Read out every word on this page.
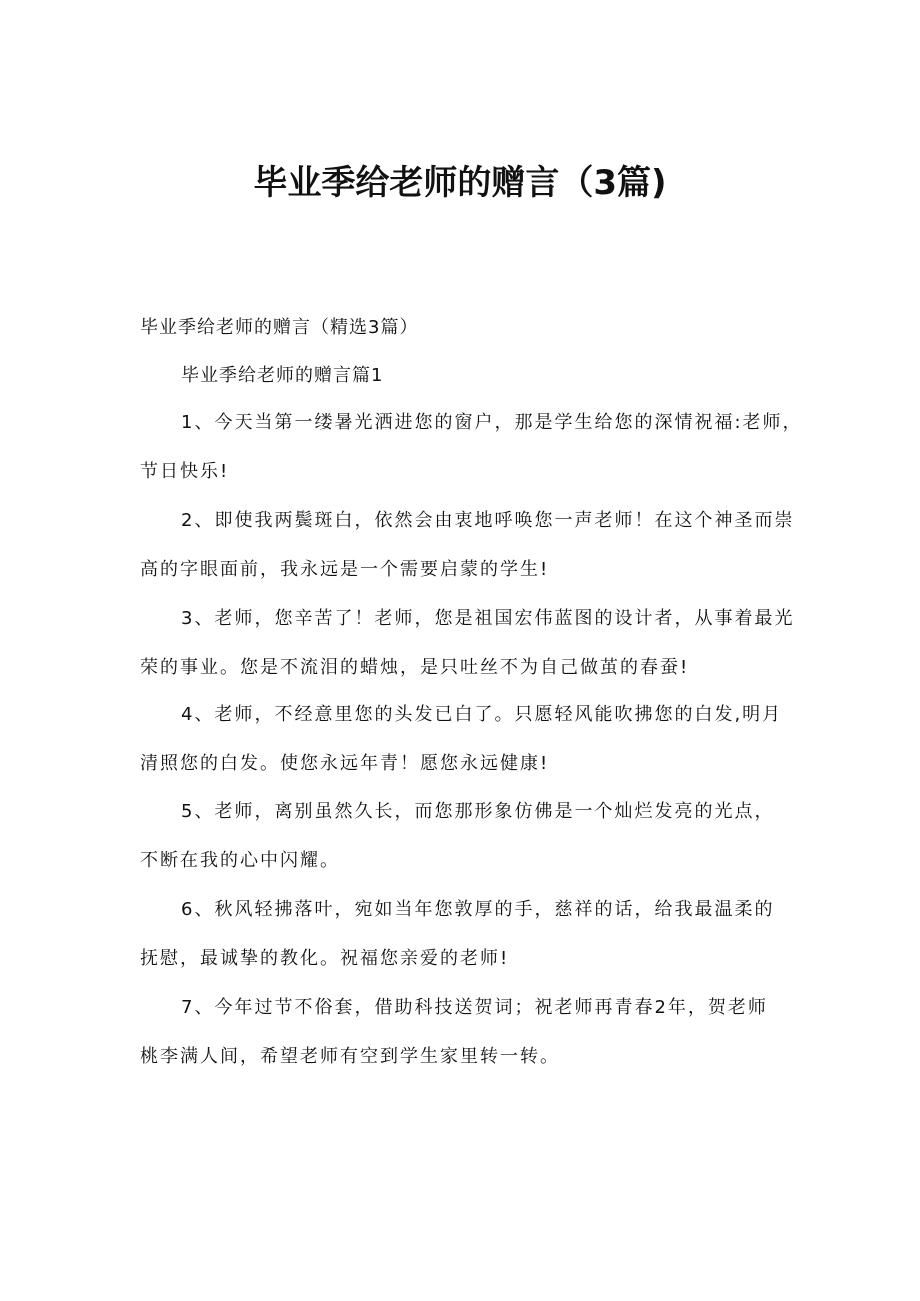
毕业季给老师的赠言（3篇)
毕业季给老师的赠言（精选3篇）
毕业季给老师的赠言篇1
1、今天当第一缕暑光洒进您的窗户，那是学生给您的深情祝福:老师，
节日快乐!
2、即使我两鬓斑白，依然会由衷地呼唤您一声老师！在这个神圣而崇
高的字眼面前，我永远是一个需要启蒙的学生!
3、老师，您辛苦了！老师，您是祖国宏伟蓝图的设计者，从事着最光
荣的事业。您是不流泪的蜡烛，是只吐丝不为自己做茧的春蚕!
4、老师，不经意里您的头发已白了。只愿轻风能吹拂您的白发,明月
清照您的白发。使您永远年青！愿您永远健康!
5、老师，离别虽然久长，而您那形象仿佛是一个灿烂发亮的光点，
不断在我的心中闪耀。
6、秋风轻拂落叶，宛如当年您敦厚的手，慈祥的话，给我最温柔的
抚慰，最诚挚的教化。祝福您亲爱的老师!
7、今年过节不俗套，借助科技送贺词；祝老师再青春2年，贺老师
桃李满人间，希望老师有空到学生家里转一转。
